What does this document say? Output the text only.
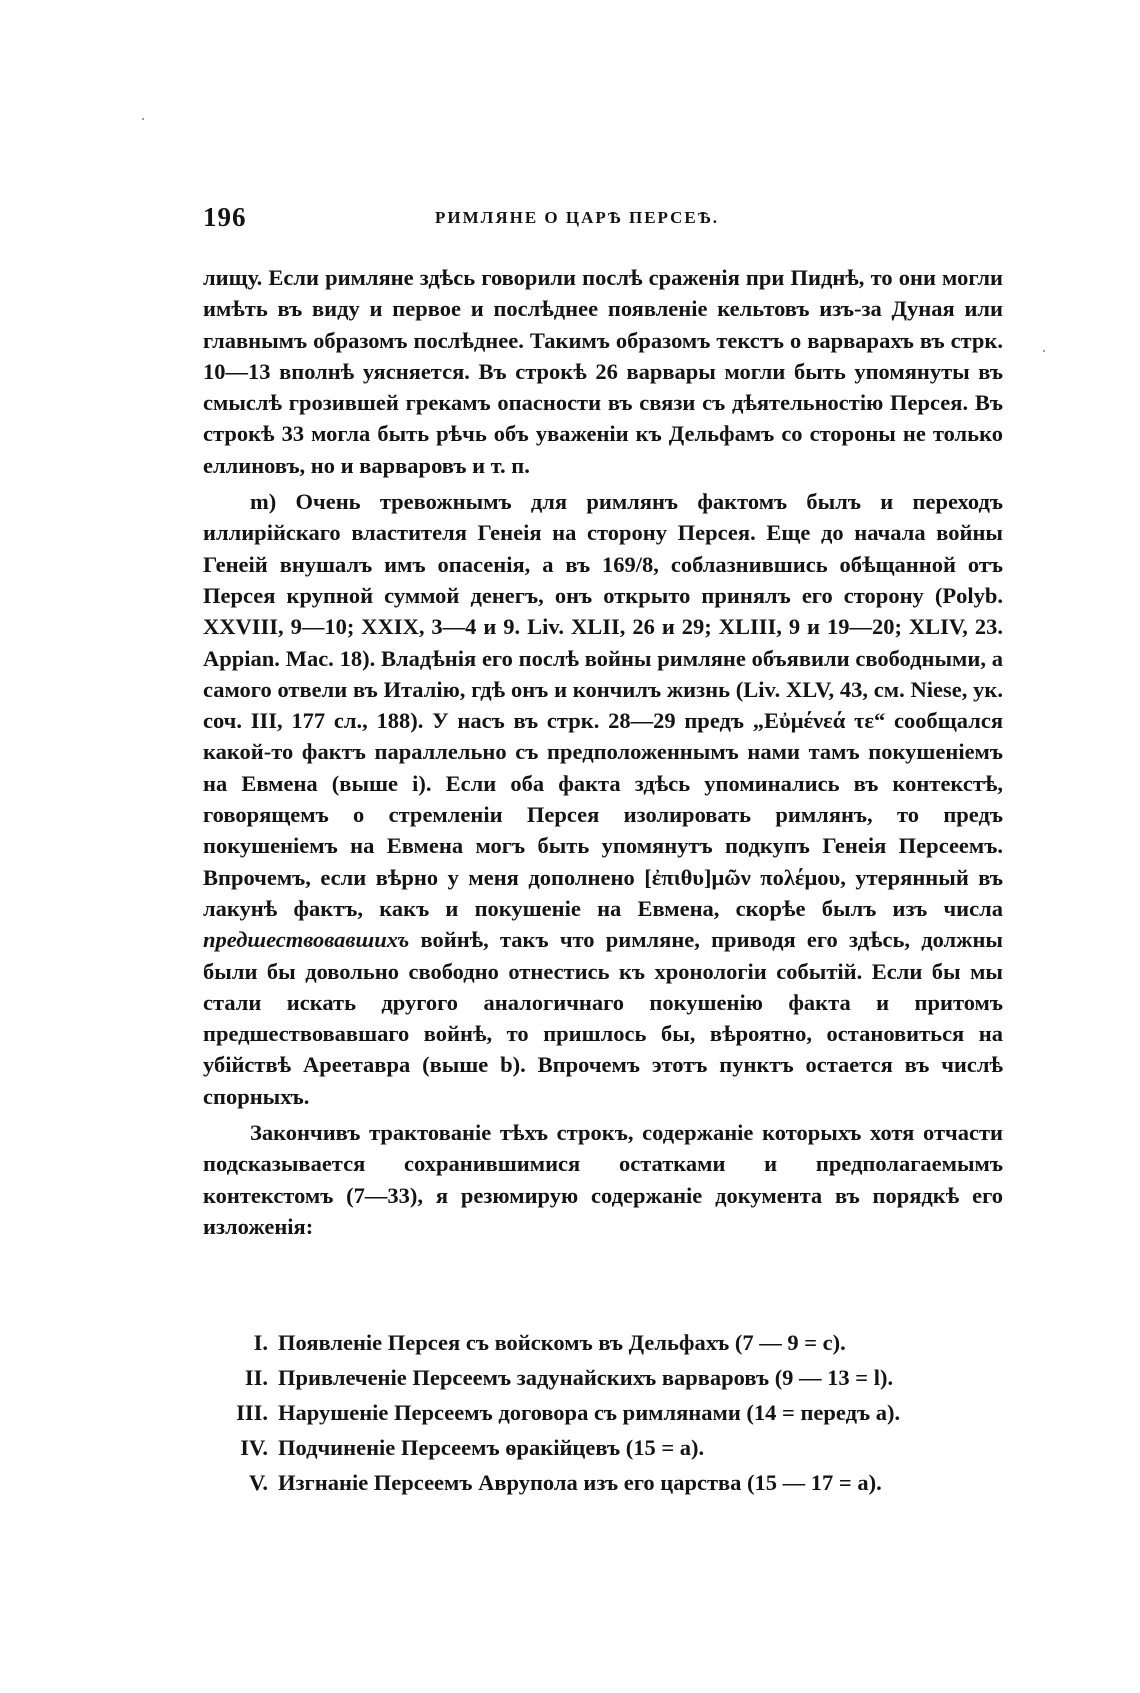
196	РИМЛЯНЕ О ЦАРѢ ПЕРСЕѢ.

лищу. Если римляне здѣсь говорили послѣ сраженія при Пиднѣ, то они могли имѣть въ виду и первое и послѣднее появленіе кельтовъ изъ-за Дуная или главнымъ образомъ послѣднее. Такимъ образомъ текстъ о варварахъ въ стрк. 10—13 вполнѣ уясняется. Въ строкѣ 26 варвары могли быть упомянуты въ смыслѣ грозившей грекамъ опасности въ связи съ дѣятельностію Персея. Въ строкѣ 33 могла быть рѣчь объ уваженіи къ Дельфамъ со стороны не только еллиновъ, но и варваровъ и т. п.

m) Очень тревожнымъ для римлянъ фактомъ былъ и переходъ иллирійскаго властителя Генеія на сторону Персея. Еще до начала войны Генеій внушалъ имъ опасенія, а въ 169/8, соблазнившись обѣщанной отъ Персея крупной суммой денегъ, онъ открыто принялъ его сторону (Polyb. XXVIII, 9—10; XXIX, 3—4 и 9. Liv. XLII, 26 и 29; XLIII, 9 и 19—20; XLIV, 23. Appian. Mac. 18). Владѣнія его послѣ войны римляне объявили свободными, а самого отвели въ Италію, гдѣ онъ и кончилъ жизнь (Liv. XLV, 43, см. Niese, ук. соч. III, 177 сл., 188). У насъ въ стрк. 28—29 предъ „Εὐμένεά τε“ сообщался какой-то фактъ параллельно съ предположеннымъ нами тамъ покушеніемъ на Евмена (выше i). Если оба факта здѣсь упоминались въ контекстѣ, говорящемъ о стремленіи Персея изолировать римлянъ, то предъ покушеніемъ на Евмена могъ быть упомянутъ подкупъ Генеія Персеемъ. Впрочемъ, если вѣрно у меня дополнено [ἐπιθυ]μῶν πολέμου, утерянный въ лакунѣ фактъ, какъ и покушеніе на Евмена, скорѣе былъ изъ числа предшествовавшихъ войнѣ, такъ что римляне, приводя его здѣсь, должны были бы довольно свободно отнестись къ хронологіи событій. Если бы мы стали искать другого аналогичнаго покушенію факта и притомъ предшествовавшаго войнѣ, то пришлось бы, вѣроятно, остановиться на убійствѣ Ареетавра (выше b). Впрочемъ этотъ пунктъ остается въ числѣ спорныхъ.

Закончивъ трактованіе тѣхъ строкъ, содержаніе которыхъ хотя отчасти подсказывается сохранившимися остатками и предполагаемымъ контекстомъ (7—33), я резюмирую содержаніе документа въ порядкѣ его изложенія:

I. Появленіе Персея съ войскомъ въ Дельфахъ (7 — 9 = c).
II. Привлеченіе Персеемъ задунайскихъ варваровъ (9 — 13 = l).
III. Нарушеніе Персеемъ договора съ римлянами (14 = передъ a).
IV. Подчиненіе Персеемъ ѳракійцевъ (15 = a).
V. Изгнаніе Персеемъ Аврупола изъ его царства (15 — 17 = a).
